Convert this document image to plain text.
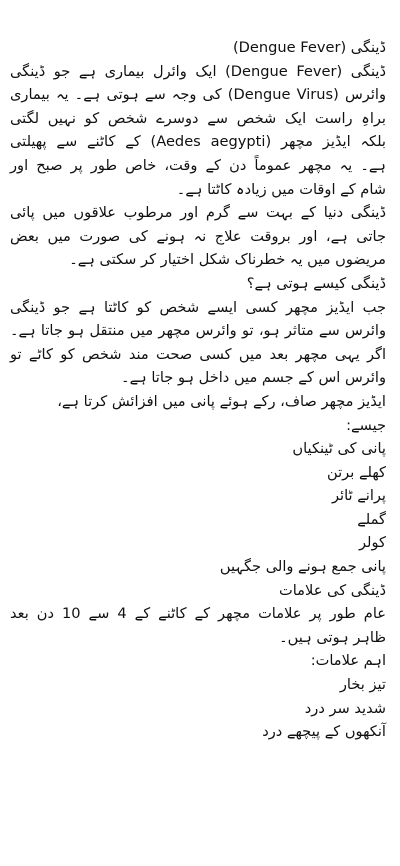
ڈینگی (Dengue Fever)

ڈینگی (Dengue Fever) ایک وائرل بیماری ہے جو ڈینگی

وائرس (Dengue Virus) کی وجہ سے ہوتی ہے۔ یہ بیماری

براہِ راست ایک شخص سے دوسرے شخص کو نہیں لگتی

بلکہ ایڈیز مچھر (Aedes aegypti) کے کاٹنے سے پھیلتی

ہے۔ یہ مچھر عموماً دن کے وقت، خاص طور پر صبح اور

شام کے اوقات میں زیادہ کاٹتا ہے۔

ڈینگی دنیا کے بہت سے گرم اور مرطوب علاقوں میں پائی

جاتی ہے، اور بروقت علاج نہ ہونے کی صورت میں بعض

مریضوں میں یہ خطرناک شکل اختیار کر سکتی ہے۔

ڈینگی کیسے ہوتی ہے؟

جب ایڈیز مچھر کسی ایسے شخص کو کاٹتا ہے جو ڈینگی

وائرس سے متاثر ہو، تو وائرس مچھر میں منتقل ہو جاتا ہے۔

اگر یہی مچھر بعد میں کسی صحت مند شخص کو کاٹے تو

وائرس اس کے جسم میں داخل ہو جاتا ہے۔

ایڈیز مچھر صاف، رکے ہوئے پانی میں افزائش کرتا ہے،

جیسے:

پانی کی ٹینکیاں

کھلے برتن

پرانے ٹائر

گملے

کولر

پانی جمع ہونے والی جگہیں

ڈینگی کی علامات

عام طور پر علامات مچھر کے کاٹنے کے 4 سے 10 دن بعد

ظاہر ہوتی ہیں۔

اہم علامات:

تیز بخار

شدید سر درد

آنکھوں کے پیچھے درد
